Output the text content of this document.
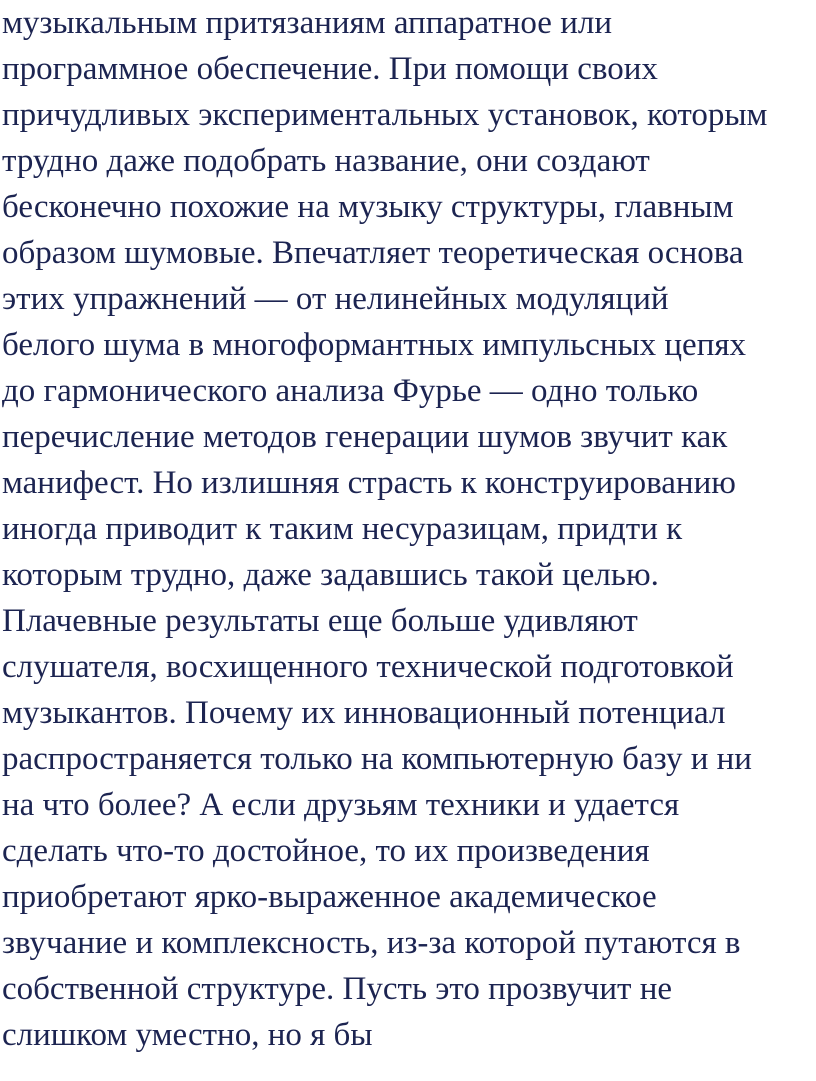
музыкальным притязаниям аппаратное или
программное обеспечение. При помощи своих
причудливых экспериментальных установок, которым
трудно даже подобрать название, они создают
бесконечно похожие на музыку структуры, главным
образом шумовые. Впечатляет теоретическая основа
этих упражнений — от нелинейных модуляций
белого шума в многоформантных импульсных цепях
до гармонического анализа Фурье — одно только
перечисление методов генерации шумов звучит как
манифест. Но излишняя страсть к конструированию
иногда приводит к таким несуразицам, придти к
которым трудно, даже задавшись такой целью.
Плачевные результаты еще больше удивляют
слушателя, восхищенного технической подготовкой
музыкантов. Почему их инновационный потенциал
распространяется только на компьютерную базу и ни
на что более? А если друзьям техники и удается
сделать что-то достойное, то их произведения
приобретают ярко-выраженное академическое
звучание и комплексность, из-за которой путаются в
собственной структуре. Пусть это прозвучит не
слишком уместно, но я бы
